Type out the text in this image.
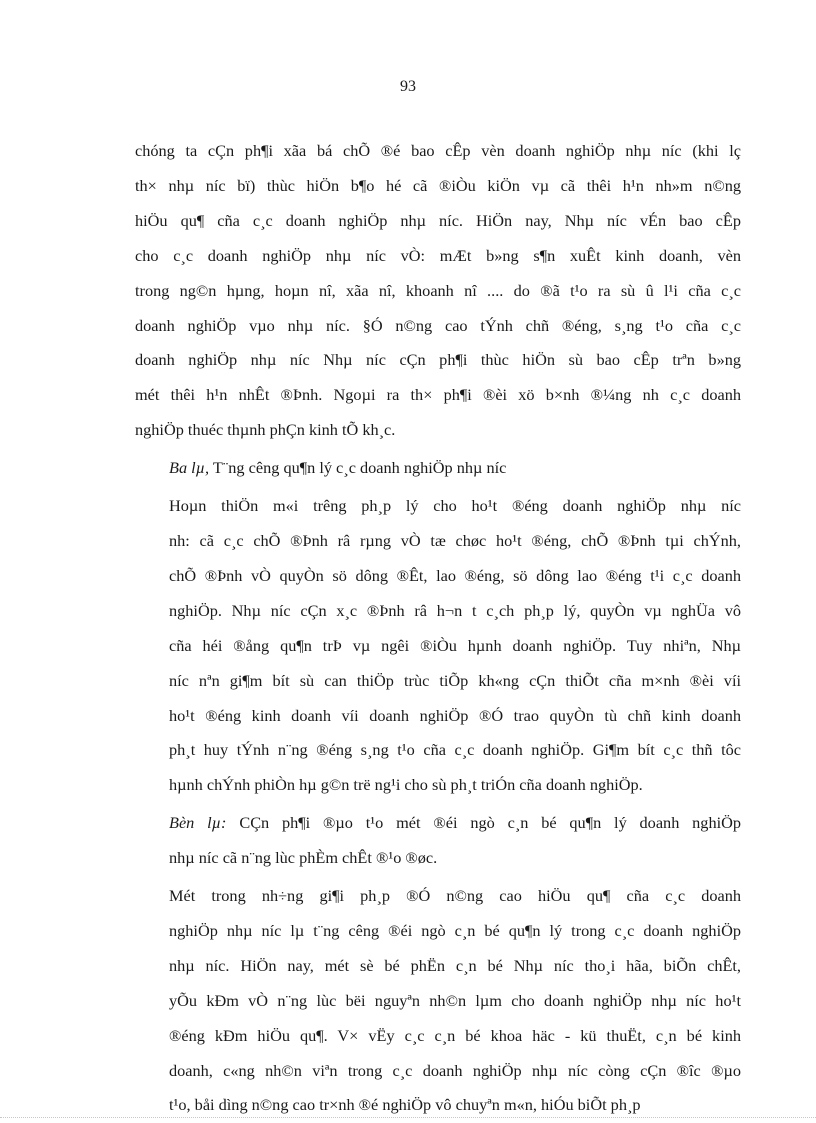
93

chóng ta cÇn ph¶i xãa bá chÕ ®é bao cÊp vèn doanh nghiÖp nhµ níc (khi lç
th× nhµ níc bï) thùc hiÖn b¶o hé cã ®iÒu kiÖn vµ cã thêi h¹n nh»m n©ng
hiÖu qu¶ cña c¸c doanh nghiÖp nhµ níc. HiÖn nay, Nhµ níc vÉn bao cÊp
cho c¸c doanh nghiÖp nhµ níc vÒ: mÆt b»ng s¶n xuÊt kinh doanh, vèn
trong ng©n hµng, hoµn nî, xãa nî, khoanh nî .... do ®ã t¹o ra sù û l¹i cña c¸c
doanh nghiÖp vµo nhµ níc. §Ó n©ng cao tÝnh chñ ®éng, s¸ng t¹o cña c¸c
doanh nghiÖp nhµ níc Nhµ níc cÇn ph¶i thùc hiÖn sù bao cÊp trªn b»ng
mét thêi h¹n nhÊt ®Þnh. Ngoµi ra th× ph¶i ®èi xö b×nh ®¼ng nh c¸c doanh
nghiÖp thuéc thµnh phÇn kinh tÕ kh¸c.

Ba lµ, T¨ng cêng qu¶n lý c¸c doanh nghiÖp nhµ níc

Hoµn thiÖn m«i trêng ph¸p lý cho ho¹t ®éng doanh nghiÖp nhµ níc
nh: cã c¸c chÕ ®Þnh râ rµng vÒ tæ chøc ho¹t ®éng, chÕ ®Þnh tµi chÝnh,
chÕ ®Þnh vÒ quyÒn sö dông ®Êt, lao ®éng, sö dông lao ®éng t¹i c¸c doanh
nghiÖp. Nhµ níc cÇn x¸c ®Þnh râ h¬n t c¸ch ph¸p lý, quyÒn vµ nghÜa vô
cña héi ®ång qu¶n trÞ vµ ngêi ®iÒu hµnh doanh nghiÖp. Tuy nhiªn, Nhµ
níc nªn gi¶m bít sù can thiÖp trùc tiÕp kh«ng cÇn thiÕt cña m×nh ®èi víi
ho¹t ®éng kinh doanh víi doanh nghiÖp ®Ó trao quyÒn tù chñ kinh doanh
ph¸t huy tÝnh n¨ng ®éng s¸ng t¹o cña c¸c doanh nghiÖp. Gi¶m bít c¸c thñ tôc
hµnh chÝnh phiÒn hµ g©n trë ng¹i cho sù ph¸t triÓn cña doanh nghiÖp.

Bèn lµ: CÇn ph¶i ®µo t¹o mét ®éi ngò c¸n bé qu¶n lý doanh nghiÖp
nhµ níc cã n¨ng lùc phÈm chÊt ®¹o ®øc.

Mét trong nh÷ng gi¶i ph¸p ®Ó n©ng cao hiÖu qu¶ cña c¸c doanh
nghiÖp nhµ níc lµ t¨ng cêng ®éi ngò c¸n bé qu¶n lý trong c¸c doanh nghiÖp
nhµ níc. HiÖn nay, mét sè bé phËn c¸n bé Nhµ níc tho¸i hãa, biÕn chÊt,
yÕu kÐm vÒ n¨ng lùc bëi nguyªn nh©n lµm cho doanh nghiÖp nhµ níc ho¹t
®éng kÐm hiÖu qu¶. V× vËy c¸c c¸n bé khoa häc - kü thuËt, c¸n bé kinh
doanh, c«ng nh©n viªn trong c¸c doanh nghiÖp nhµ níc còng cÇn ®îc ®µo
t¹o, båi dìng n©ng cao tr×nh ®é nghiÖp vô chuyªn m«n, hiÓu biÕt ph¸p
